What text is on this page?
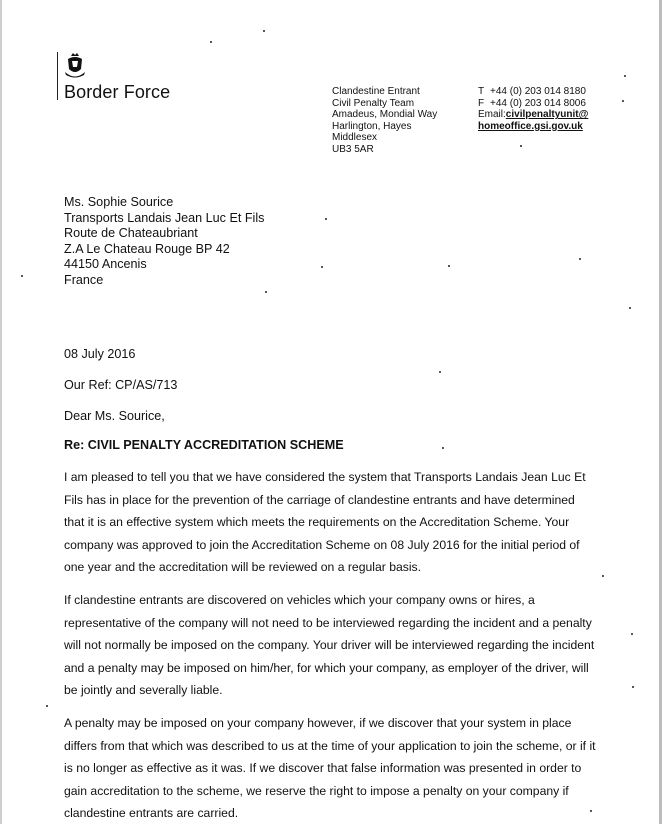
Border Force	Clandestine Entrant
Civil Penalty Team
Amadeus, Mondial Way
Harlington, Hayes
Middlesex
UB3 5AR
T +44 (0) 203 014 8180
F +44 (0) 203 014 8006
Email: civilpenaltyunit@
homeoffice.gsi.gov.uk
Ms. Sophie Sourice
Transports Landais Jean Luc Et Fils
Route de Chateaubriant
Z.A Le Chateau Rouge BP 42
44150 Ancenis
France
08 July 2016
Our Ref: CP/AS/713
Dear Ms. Sourice,
Re: CIVIL PENALTY ACCREDITATION SCHEME
I am pleased to tell you that we have considered the system that Transports Landais Jean Luc Et
Fils has in place for the prevention of the carriage of clandestine entrants and have determined
that it is an effective system which meets the requirements on the Accreditation Scheme. Your
company was approved to join the Accreditation Scheme on 08 July 2016 for the initial period of
one year and the accreditation will be reviewed on a regular basis.
If clandestine entrants are discovered on vehicles which your company owns or hires, a
representative of the company will not need to be interviewed regarding the incident and a penalty
will not normally be imposed on the company. Your driver will be interviewed regarding the incident
and a penalty may be imposed on him/her, for which your company, as employer of the driver, will
be jointly and severally liable.
A penalty may be imposed on your company however, if we discover that your system in place
differs from that which was described to us at the time of your application to join the scheme, or if it
is no longer as effective as it was. If we discover that false information was presented in order to
gain accreditation to the scheme, we reserve the right to impose a penalty on your company if
clandestine entrants are carried.
